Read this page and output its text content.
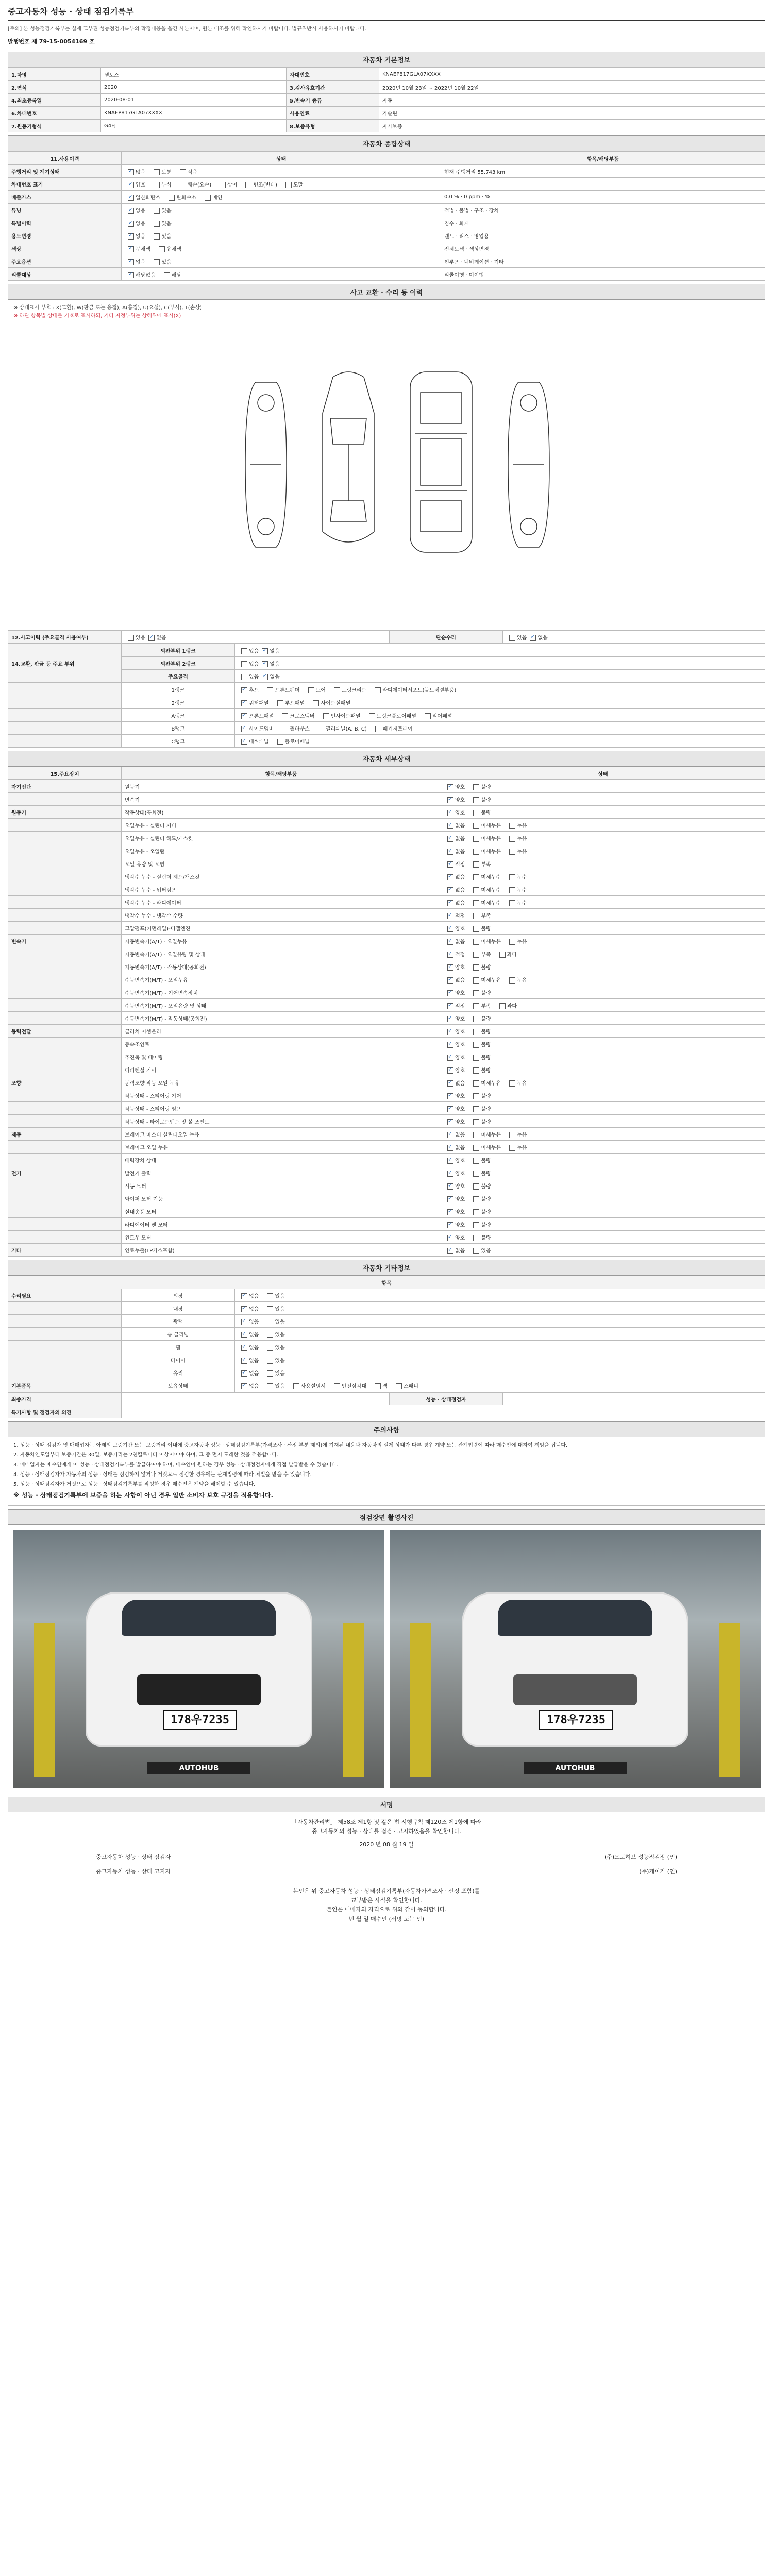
중고자동차 성능 · 상태 점검기록부
[주의] 본 성능점검기록부는 실제 교부된 성능점검기록부의 확정내용을 옮긴 사본이며, 원본 대조를 위해 확인하시기 바랍니다. 법규위반시 사용하시기 바랍니다.
발행번호 제 79-15-0054169 호
자동차 기본정보
1.차명	셀토스	차대번호	KNAEP817GLA07XXXX
2.연식	2020	3.검사유효기간	2020년 10월 23일 ~ 2022년 10월 22일
4.최초등록일	2020-08-01	5.변속기 종류	자동
6.차대번호	KNAEP817GLA07XXXX	사용연료	가솔린
7.원동기형식	G4FJ	8.보증유형	자가보증
자동차 종합상태
11.사용이력	상태	항목/해당부품
주행거리 및 계기상태	✓많음 보통 적음	현재 주행거리 55,743 km
차대번호 표기	✓양호 부식 훼손(오손) 상이 변조(변타) 도말	
배출가스	✓일산화탄소 탄화수소 매연	0.0 % · 0 ppm · %
튜닝	✓없음 있음	적법 · 불법 · 구조 · 장치
특별이력	✓없음 있음	침수 · 화재
용도변경	✓없음 있음	렌트 · 리스 · 영업용
색상	✓무채색 유채색	전체도색 · 색상변경
주요옵션	✓없음 있음	썬루프 · 네비게이션 · 기타
리콜대상	✓해당없음 해당	리콜이행 · 미이행
사고 교환 · 수리 등 이력
※ 상태표시 부호 : X(교환), W(판금 또는 용접), A(흠집), U(요철), C(부식), T(손상)
※ 하단 항목별 상태를 기호로 표시하되, 기타 지정부위는 상해위에 표시(X)
12.사고이력 (주요골격 사용여부)	있음 ✓ 없음	단순수리	있음 ✓ 없음
14.교환, 판금 등 주요 부위	외판부위 1랭크	있음 ✓ 없음
	외판부위 2랭크	있음 ✓ 없음
	주요골격	있음 ✓ 없음
	1랭크	✓후드 프론트펜더 도어 트렁크리드 라디에이터서포트(볼트체결부품)
	2랭크	✓쿼터패널 루프패널 사이드실패널
	A랭크	✓프론트패널 크로스멤버 인사이드패널 트렁크플로어패널 리어패널
	B랭크	✓사이드멤버 휠하우스 필러패널(A, B, C) 패키지트레이
	C랭크	✓대쉬패널 플로어패널
자동차 세부상태
15.주요장치	항목/해당부품	상태
자기진단	원동기	✓양호 불량
	변속기	✓양호 불량
원동기	작동상태(공회전)	✓양호 불량
	오일누유 - 실린더 커버	✓없음 미세누유 누유
	오일누유 - 실린더 헤드/개스킷	✓없음 미세누유 누유
	오일누유 - 오일팬	✓없음 미세누유 누유
	오일 유량 및 오염	✓적정 부족
	냉각수 누수 - 실린더 헤드/개스킷	✓없음 미세누수 누수
	냉각수 누수 - 워터펌프	✓없음 미세누수 누수
	냉각수 누수 - 라디에이터	✓없음 미세누수 누수
	냉각수 누수 - 냉각수 수량	✓적정 부족
	고압펌프(커먼레일)-디젤엔진	✓양호 불량
변속기	자동변속기(A/T) - 오일누유	✓없음 미세누유 누유
	자동변속기(A/T) - 오일유량 및 상태	✓적정 부족 과다
	자동변속기(A/T) - 작동상태(공회전)	✓양호 불량
	수동변속기(M/T) - 오일누유	✓없음 미세누유 누유
	수동변속기(M/T) - 기어변속장치	✓양호 불량
	수동변속기(M/T) - 오일유량 및 상태	✓적정 부족 과다
	수동변속기(M/T) - 작동상태(공회전)	✓양호 불량
동력전달	클러치 어셈블리	✓양호 불량
	등속조인트	✓양호 불량
	추진축 및 베어링	✓양호 불량
	디퍼렌셜 기어	✓양호 불량
조향	동력조향 작동 오일 누유	✓없음 미세누유 누유
	작동상태 - 스티어링 기어	✓양호 불량
	작동상태 - 스티어링 펌프	✓양호 불량
	작동상태 - 타이로드엔드 및 볼 조인트	✓양호 불량
제동	브레이크 마스터 실린더오일 누유	✓없음 미세누유 누유
	브레이크 오일 누유	✓없음 미세누유 누유
	배력장치 상태	✓양호 불량
전기	발전기 출력	✓양호 불량
	시동 모터	✓양호 불량
	와이퍼 모터 기능	✓양호 불량
	실내송풍 모터	✓양호 불량
	라디에이터 팬 모터	✓양호 불량
	윈도우 모터	✓양호 불량
기타	연료누출(LP가스포함)	✓없음 있음
자동차 기타정보
항목		
수리필요	외장	✓없음 있음
	내장	✓없음 있음
	광택	✓없음 있음
	룸 클리닝	✓없음 있음
	휠	✓없음 있음
	타이어	✓없음 있음
	유리	✓없음 있음
기본품목	보유상태	✓없음 있음 사용설명서 안전삼각대 잭 스패너
최종가격		성능 · 상태점검자	
특기사항 및 점검자의 의견			
주의사항

1. 성능 · 상태 점검자 및 매매업자는 아래의 보증기간 또는 보증거리 이내에 중고자동차 성능 · 상태점검기록부(가격조사 · 산정 부분 제외)에 기재된 내용과 자동차의 실제 상태가 다른 경우 계약 또는 관계법령에 따라 매수인에 대하여 책임을 집니다.

2. 자동차인도일부터 보증기간은 30일, 보증거리는 2천킬로미터 이상이어야 하며, 그 중 먼저 도래한 것을 적용합니다.

3. 매매업자는 매수인에게 이 성능 · 상태점검기록부를 발급하여야 하며, 매수인이 원하는 경우 성능 · 상태점검자에게 직접 발급받을 수 있습니다.

4. 성능 · 상태점검자가 자동차의 성능 · 상태를 점검하지 않거나 거짓으로 점검한 경우에는 관계법령에 따라 처벌을 받을 수 있습니다.

5. 성능 · 상태점검자가 거짓으로 성능 · 상태점검기록부를 작성한 경우 매수인은 계약을 해제할 수 있습니다.

※ 성능 · 상태점검기록부에 보증을 하는 사항이 아닌 경우 일반 소비자 보호 규정을 적용합니다.

점검장면 촬영사진
178우7235
AUTOHUB
178우7235
AUTOHUB
서명
「자동차관리법」 제58조 제1항 및 같은 법 시행규칙 제120조 제1항에 따라
중고자동차의 성능 · 상태를 점검 · 고지하였음을 확인합니다.
2020 년 08 월 19 일
중고자동차 성능 · 상태 점검자	(주)오토허브 성능점검장 (인)
중고자동차 성능 · 상태 고지자	(주)케이카 (인)
본인은 위 중고자동차 성능 · 상태점검기록부(자동차가격조사 · 산정 포함)를
교부받은 사실을 확인합니다.
본인은 매매자의 자격으로 위와 같이 동의합니다.
년 월 일 매수인 (서명 또는 인)
